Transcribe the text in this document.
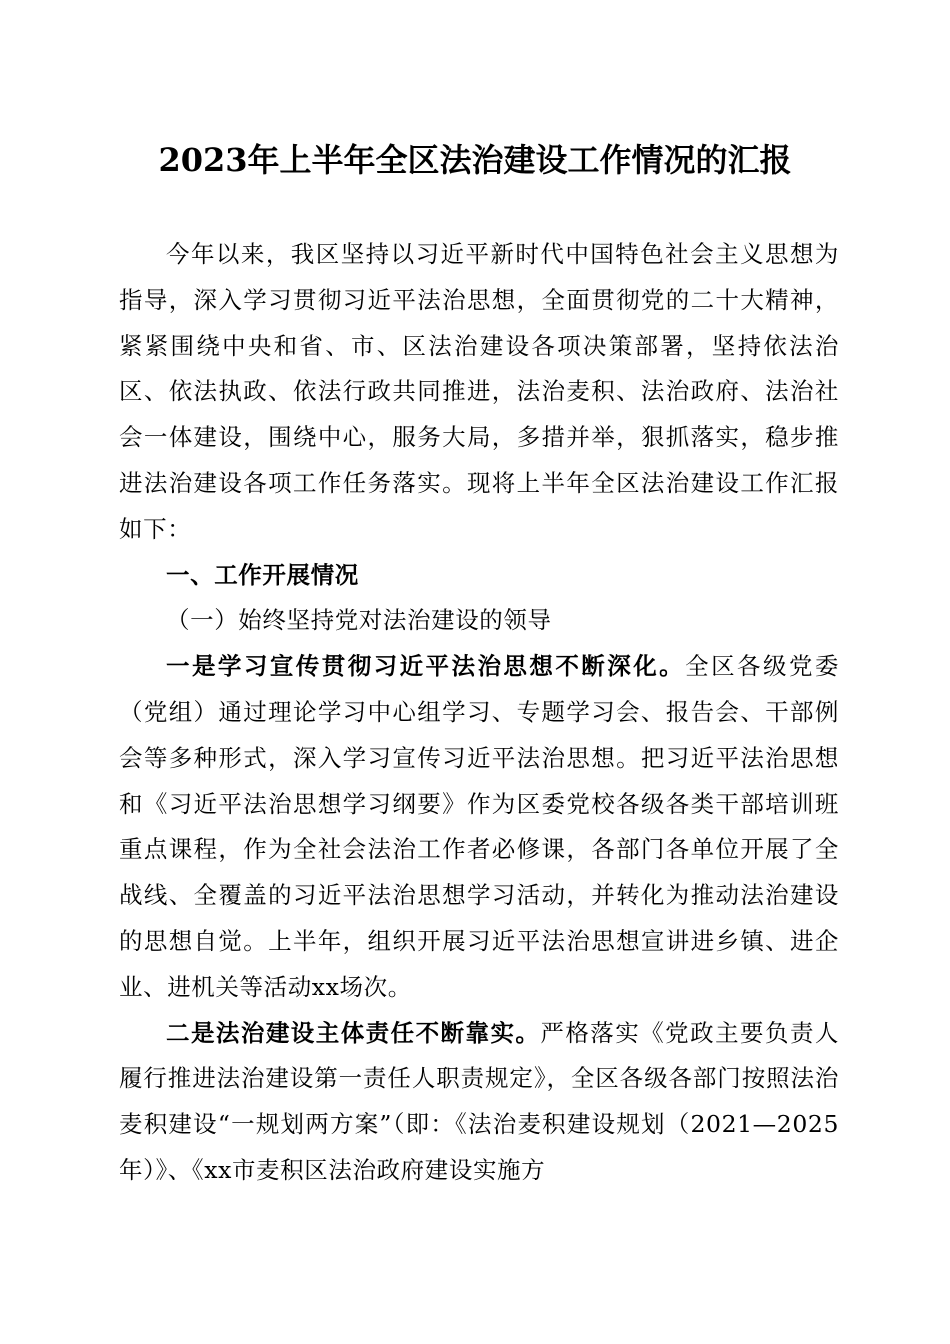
2023年上半年全区法治建设工作情况的汇报

今年以来，我区坚持以习近平新时代中国特色社会主义思想为指导，深入学习贯彻习近平法治思想，全面贯彻党的二十大精神，紧紧围绕中央和省、市、区法治建设各项决策部署，坚持依法治区、依法执政、依法行政共同推进，法治麦积、法治政府、法治社会一体建设，围绕中心，服务大局，多措并举，狠抓落实，稳步推进法治建设各项工作任务落实。现将上半年全区法治建设工作汇报如下：

一、工作开展情况

（一）始终坚持党对法治建设的领导

一是学习宣传贯彻习近平法治思想不断深化。全区各级党委（党组）通过理论学习中心组学习、专题学习会、报告会、干部例会等多种形式，深入学习宣传习近平法治思想。把习近平法治思想和《习近平法治思想学习纲要》作为区委党校各级各类干部培训班重点课程，作为全社会法治工作者必修课，各部门各单位开展了全战线、全覆盖的习近平法治思想学习活动，并转化为推动法治建设的思想自觉。上半年，组织开展习近平法治思想宣讲进乡镇、进企业、进机关等活动xx场次。

二是法治建设主体责任不断靠实。严格落实《党政主要负责人履行推进法治建设第一责任人职责规定》，全区各级各部门按照法治麦积建设“一规划两方案”（即：《法治麦积建设规划（2021—2025年）》、《xx市麦积区法治政府建设实施方
